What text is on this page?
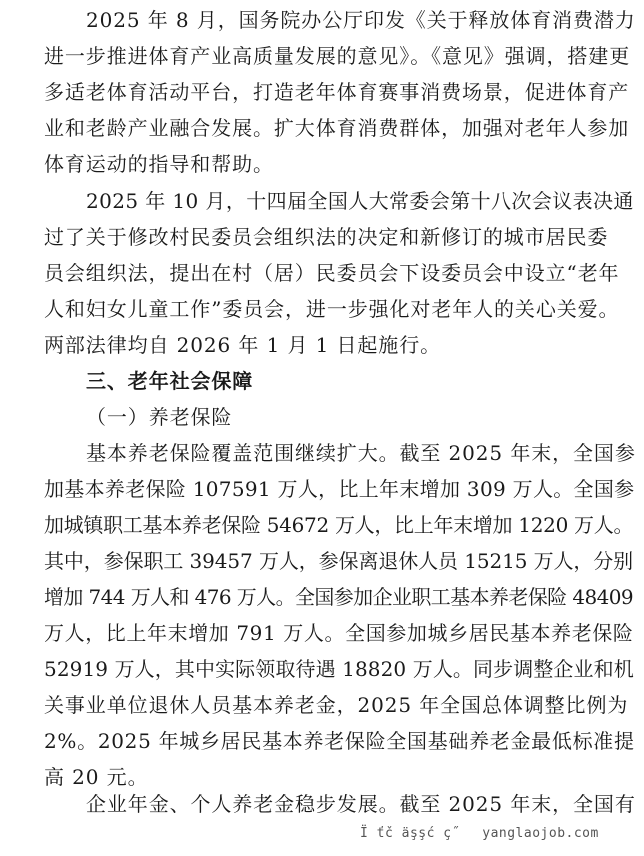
2025 年 8 月，国务院办公厅印发《关于释放体育消费潜力
进一步推进体育产业高质量发展的意见》。《意见》强调，搭建更
多适老体育活动平台，打造老年体育赛事消费场景，促进体育产
业和老龄产业融合发展。扩大体育消费群体，加强对老年人参加
体育运动的指导和帮助。
2025 年 10 月，十四届全国人大常委会第十八次会议表决通
过了关于修改村民委员会组织法的决定和新修订的城市居民委
员会组织法，提出在村（居）民委员会下设委员会中设立“老年
人和妇女儿童工作”委员会，进一步强化对老年人的关心关爱。
两部法律均自 2026 年 1 月 1 日起施行。
三、老年社会保障
（一）养老保险
基本养老保险覆盖范围继续扩大。截至 2025 年末，全国参
加基本养老保险 107591 万人，比上年末增加 309 万人。全国参
加城镇职工基本养老保险 54672 万人，比上年末增加 1220 万人。
其中，参保职工 39457 万人，参保离退休人员 15215 万人，分别
增加 744 万人和 476 万人。全国参加企业职工基本养老保险 48409
万人，比上年末增加 791 万人。全国参加城乡居民基本养老保险
52919 万人，其中实际领取待遇 18820 万人。同步调整企业和机
关事业单位退休人员基本养老金，2025 年全国总体调整比例为
2%。2025 年城乡居民基本养老保险全国基础养老金最低标准提
高 20 元。
企业年金、个人养老金稳步发展。截至 2025 年末，全国有
Ï ťč äşşć ç˝ yanglaojob.com
